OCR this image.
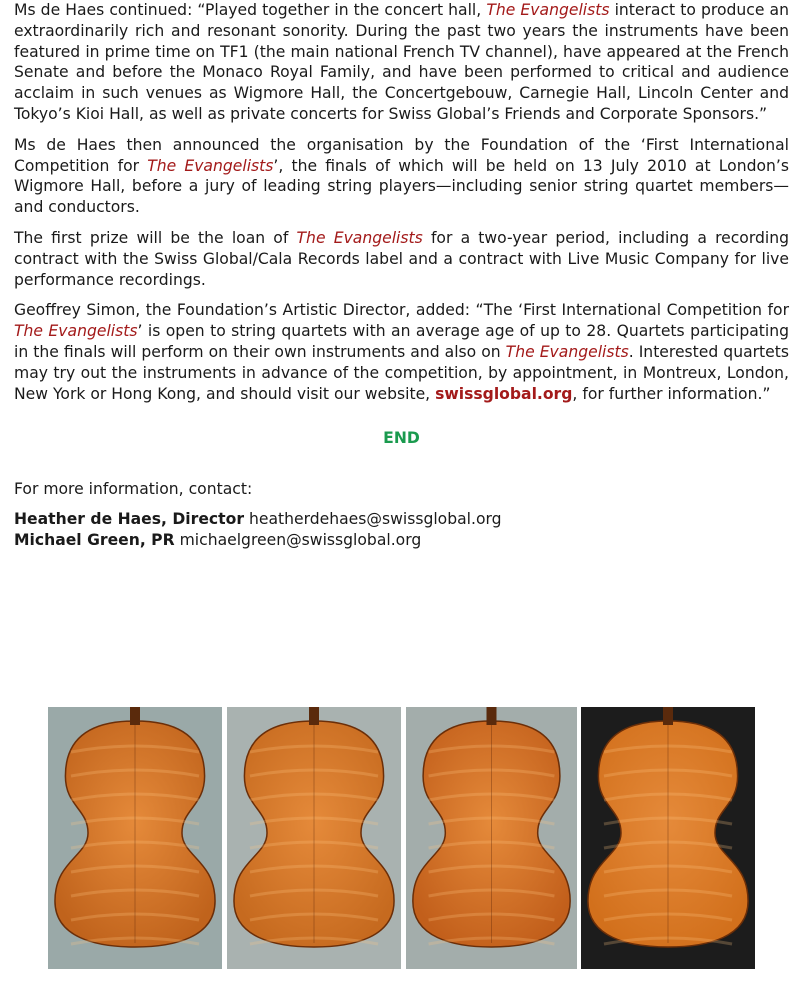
Ms de Haes continued: “Played together in the concert hall, The Evangelists interact to produce an extraordinarily rich and resonant sonority. During the past two years the instruments have been featured in prime time on TF1 (the main national French TV channel), have appeared at the French Senate and before the Monaco Royal Family, and have been performed to critical and audience acclaim in such venues as Wigmore Hall, the Concertgebouw, Carnegie Hall, Lincoln Center and Tokyo’s Kioi Hall, as well as private concerts for Swiss Global’s Friends and Corporate Sponsors.”

Ms de Haes then announced the organisation by the Foundation of the ‘First International Competition for The Evangelists’, the finals of which will be held on 13 July 2010 at London’s Wigmore Hall, before a jury of leading string players—including senior string quartet members—and conductors.

The first prize will be the loan of The Evangelists for a two-year period, including a recording contract with the Swiss Global/Cala Records label and a contract with Live Music Company for live performance recordings.

Geoffrey Simon, the Foundation’s Artistic Director, added: “The ‘First International Competition for The Evangelists’ is open to string quartets with an average age of up to 28. Quartets participating in the finals will perform on their own instruments and also on The Evangelists. Interested quartets may try out the instruments in advance of the competition, by appointment, in Montreux, London, New York or Hong Kong, and should visit our website, swissglobal.org, for further information.”

END
For more information, contact:
Heather de Haes, Director heatherdehaes@swissglobal.org
Michael Green, PR michaelgreen@swissglobal.org
